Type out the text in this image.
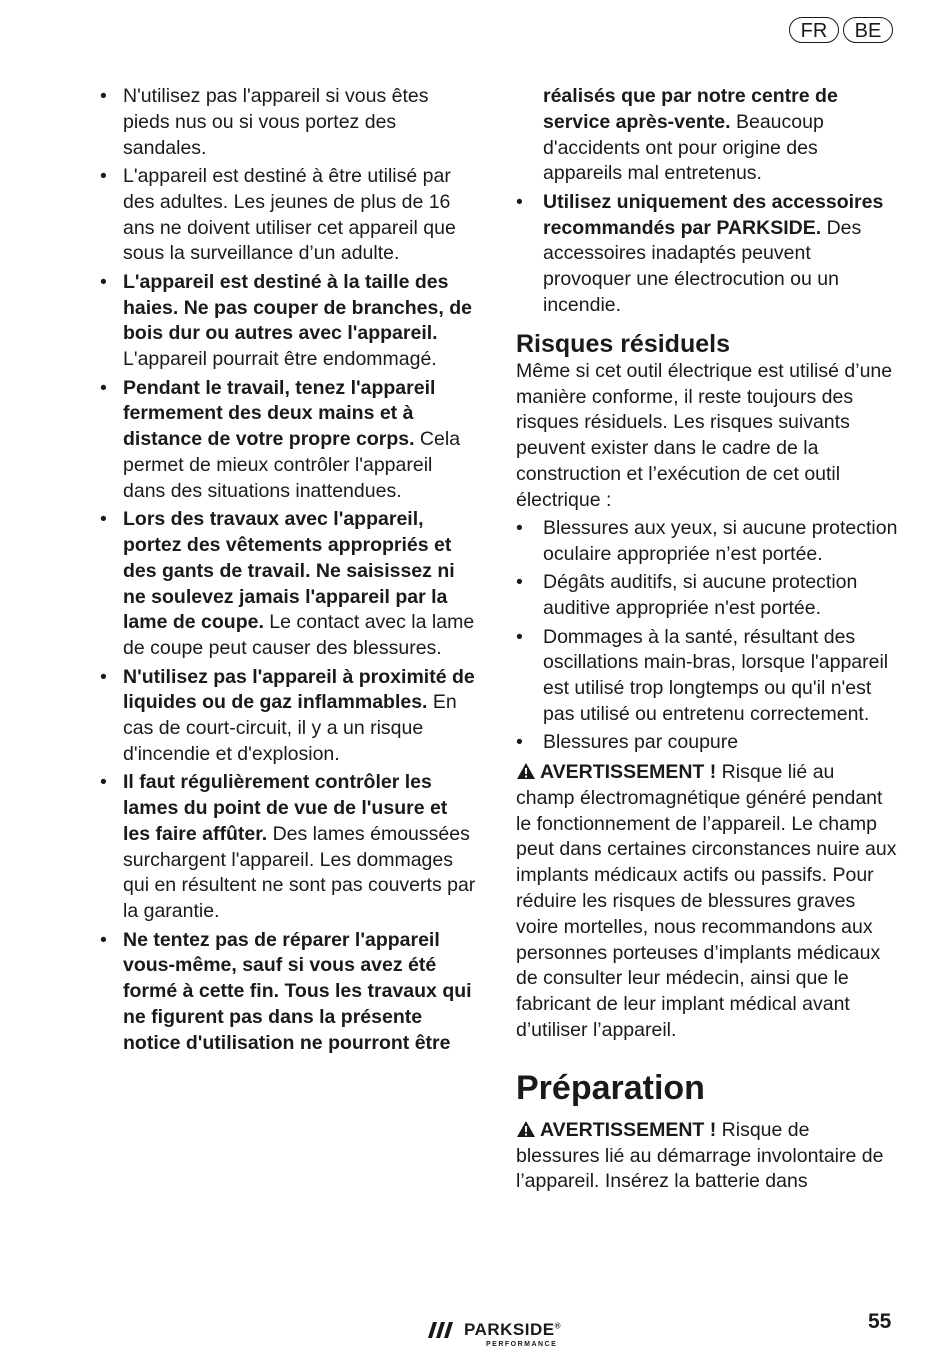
FR	BE
• N'utilisez pas l'appareil si vous êtes pieds nus ou si vous portez des sandales.
• L'appareil est destiné à être utilisé par des adultes. Les jeunes de plus de 16 ans ne doivent utiliser cet appareil que sous la surveillance d’un adulte.
• L'appareil est destiné à la taille des haies. Ne pas couper de branches, de bois dur ou autres avec l'appareil. L'appareil pourrait être endommagé.
• Pendant le travail, tenez l'appareil fermement des deux mains et à distance de votre propre corps. Cela permet de mieux contrôler l'appareil dans des situations inattendues.
• Lors des travaux avec l'appareil, portez des vêtements appropriés et des gants de travail. Ne saisissez ni ne soulevez jamais l'appareil par la lame de coupe. Le contact avec la lame de coupe peut causer des blessures.
• N'utilisez pas l'appareil à proximité de liquides ou de gaz inflammables. En cas de court-circuit, il y a un risque d'incendie et d'explosion.
• Il faut régulièrement contrôler les lames du point de vue de l'usure et les faire affûter. Des lames émoussées surchargent l'appareil. Les dommages qui en résultent ne sont pas couverts par la garantie.
• Ne tentez pas de réparer l'appareil vous-même, sauf si vous avez été formé à cette fin. Tous les travaux qui ne figurent pas dans la présente notice d'utilisation ne pourront être
réalisés que par notre centre de service après-vente. Beaucoup d'accidents ont pour origine des appareils mal entretenus.
• Utilisez uniquement des accessoires recommandés par PARKSIDE. Des accessoires inadaptés peuvent provoquer une électrocution ou un incendie.
Risques résiduels

Même si cet outil électrique est utilisé d’une manière conforme, il reste toujours des risques résiduels. Les risques suivants peuvent exister dans le cadre de la construction et l’exécution de cet outil électrique :

• Blessures aux yeux, si aucune protection oculaire appropriée n’est portée.
• Dégâts auditifs, si aucune protection auditive appropriée n'est portée.
• Dommages à la santé, résultant des oscillations main-bras, lorsque l'appareil est utilisé trop longtemps ou qu'il n'est pas utilisé ou entretenu correctement.
• Blessures par coupure

AVERTISSEMENT ! Risque lié au champ électromagnétique généré pendant le fonctionnement de l’appareil. Le champ peut dans certaines circonstances nuire aux implants médicaux actifs ou passifs. Pour réduire les risques de blessures graves voire mortelles, nous recommandons aux personnes porteuses d’implants médicaux de consulter leur médecin, ainsi que le fabricant de leur implant médical avant d’utiliser l’appareil.

Préparation

AVERTISSEMENT ! Risque de blessures lié au démarrage involontaire de l’appareil. Insérez la batterie dans

PARKSIDE®
PERFORMANCE
55
